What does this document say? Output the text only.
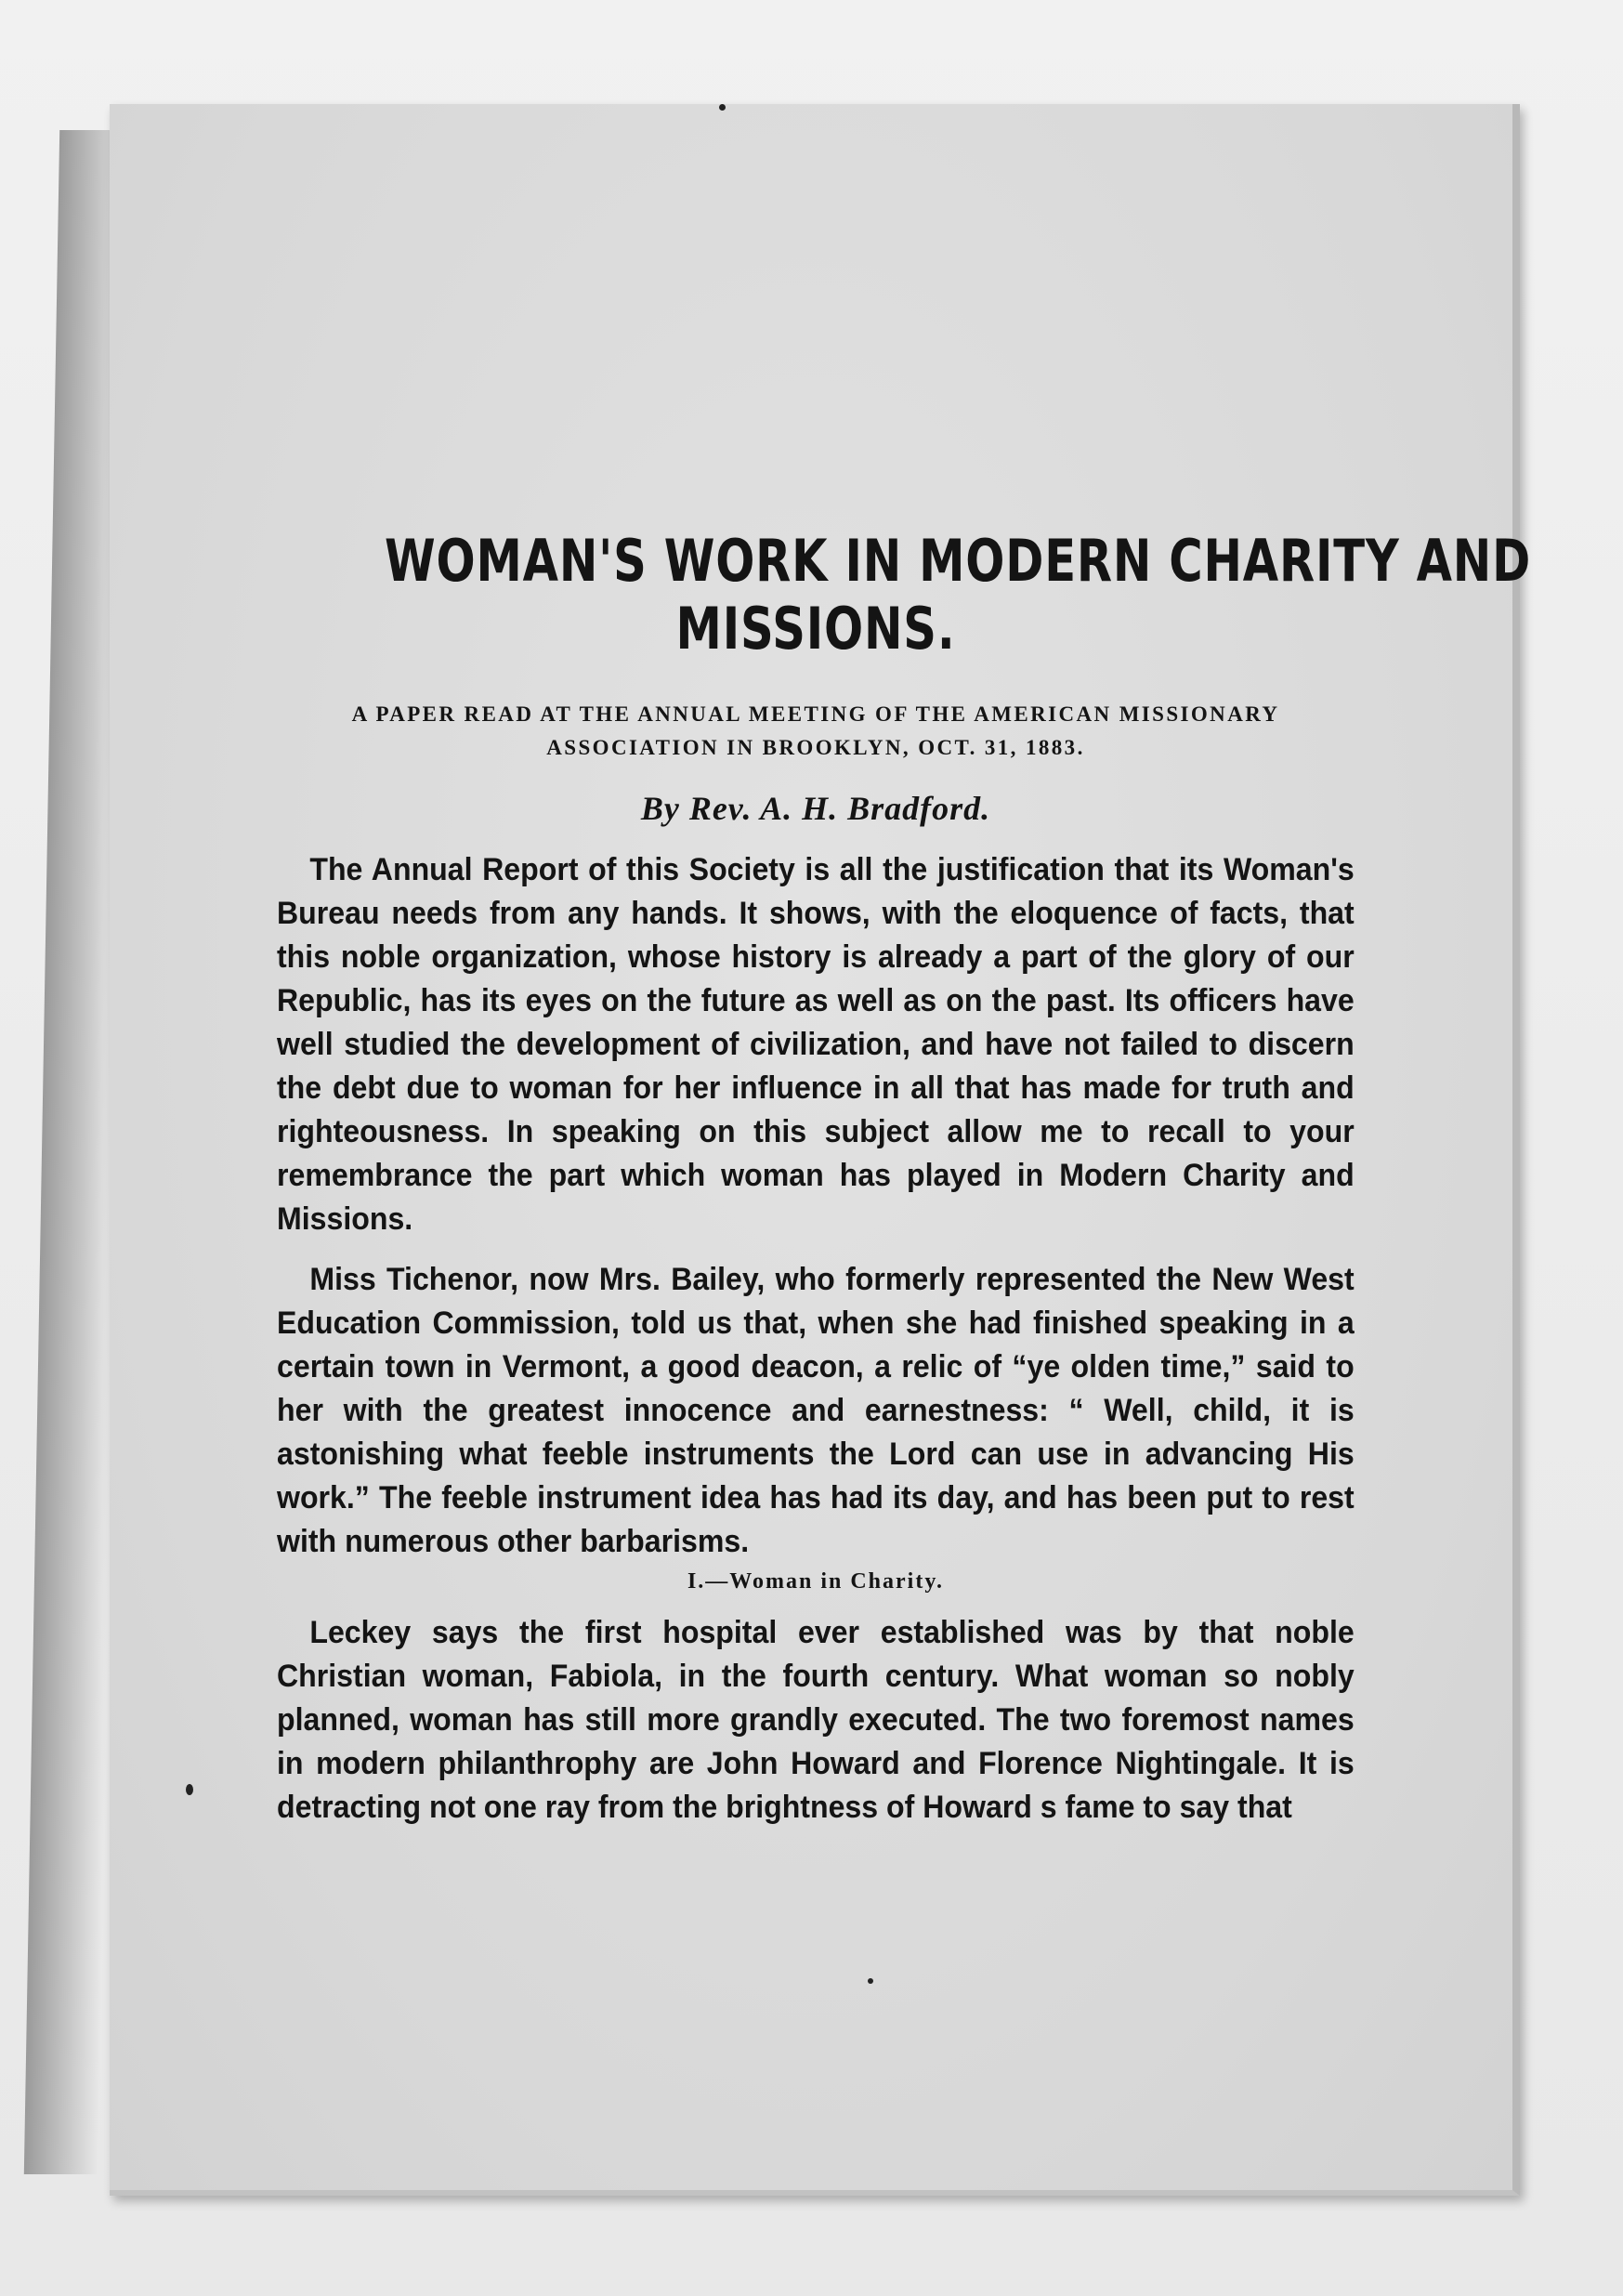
WOMAN'S WORK IN MODERN CHARITY AND
MISSIONS.
A PAPER READ AT THE ANNUAL MEETING OF THE AMERICAN MISSIONARY
ASSOCIATION IN BROOKLYN, OCT. 31, 1883.
By Rev. A. H. Bradford.

The Annual Report of this Society is all the justification that its Woman's Bureau needs from any hands. It shows, with the eloquence of facts, that this noble organization, whose history is already a part of the glory of our Republic, has its eyes on the future as well as on the past. Its officers have well studied the development of civilization, and have not failed to discern the debt due to woman for her influence in all that has made for truth and righteousness. In speaking on this subject allow me to recall to your remembrance the part which woman has played in Modern Charity and Missions.

Miss Tichenor, now Mrs. Bailey, who formerly represented the New West Education Commission, told us that, when she had finished speaking in a certain town in Vermont, a good deacon, a relic of “ye olden time,” said to her with the greatest innocence and earnestness: “ Well, child, it is astonishing what feeble instruments the Lord can use in advancing His work.” The feeble instrument idea has had its day, and has been put to rest with numerous other barbarisms.

I.—Woman in Charity.

Leckey says the first hospital ever established was by that noble Christian woman, Fabiola, in the fourth century. What woman so nobly planned, woman has still more grandly executed. The two foremost names in modern philanthrophy are John Howard and Florence Nightingale. It is detracting not one ray from the brightness of Howard s fame to say that
